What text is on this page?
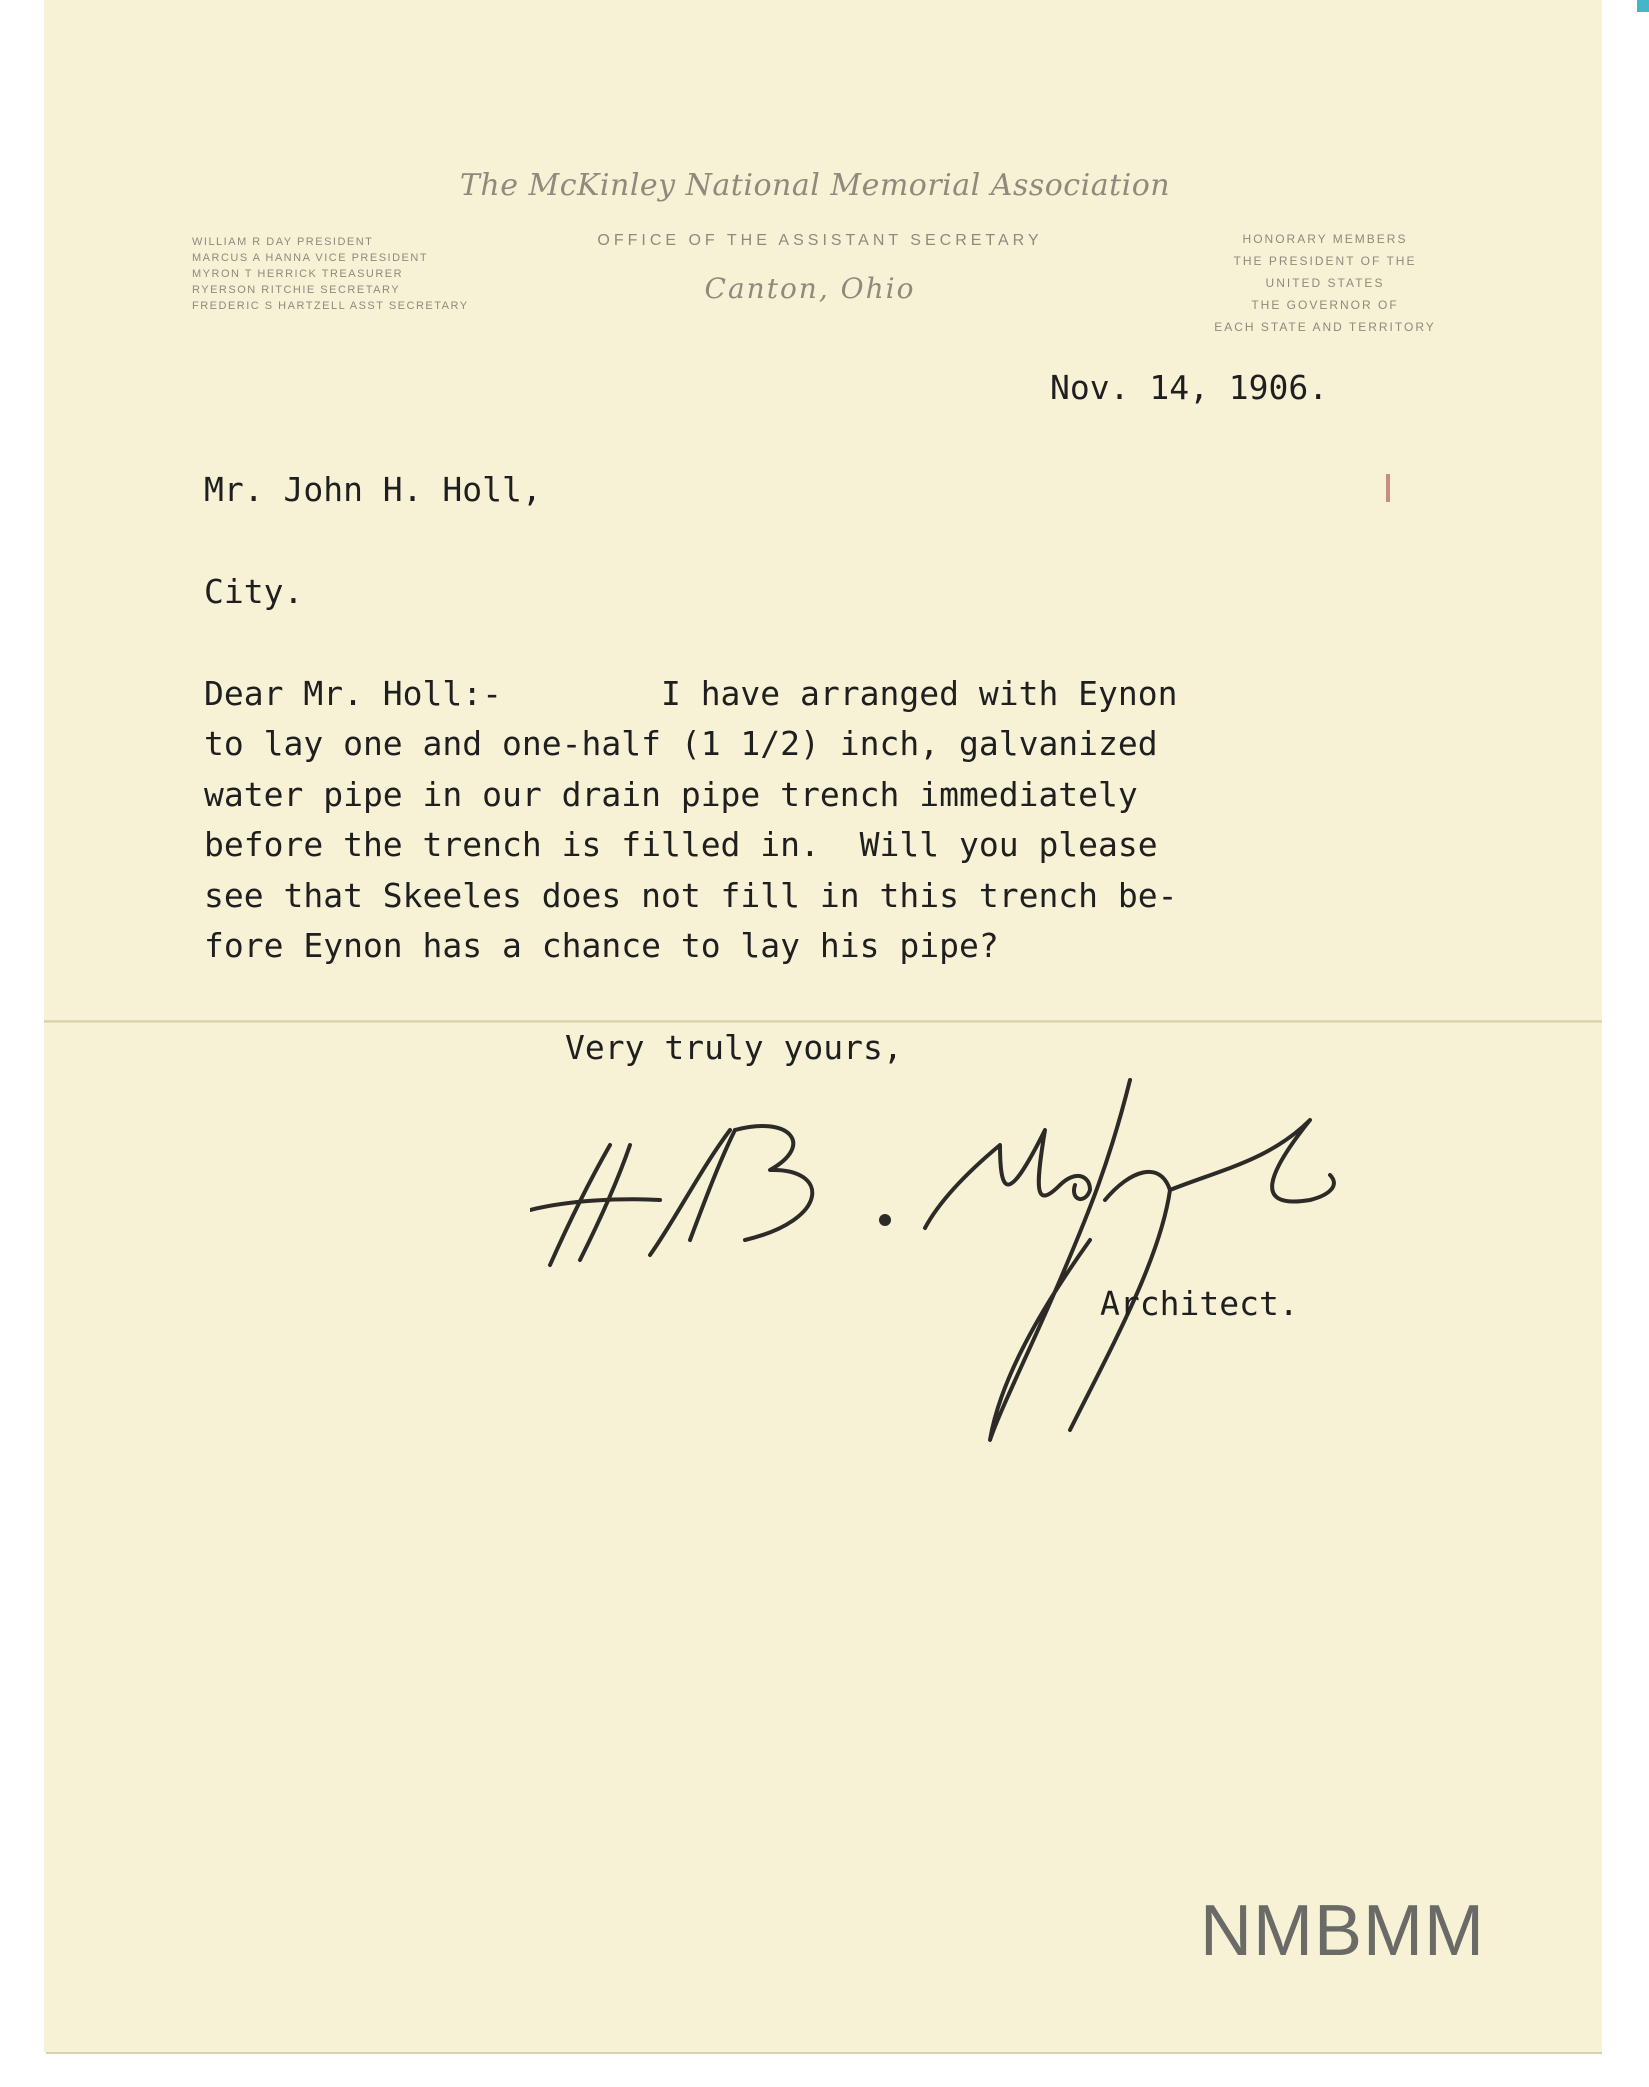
The McKinley National Memorial Association
OFFICE OF THE ASSISTANT SECRETARY
Canton, Ohio
WILLIAM R DAY PRESIDENT
MARCUS A HANNA VICE PRESIDENT
MYRON T HERRICK TREASURER
RYERSON RITCHIE SECRETARY
FREDERIC S HARTZELL ASST SECRETARY
HONORARY MEMBERS
THE PRESIDENT OF THE
UNITED STATES
THE GOVERNOR OF
EACH STATE AND TERRITORY
Nov. 14, 1906.
Mr. John H. Holl,
City.
Dear Mr. Holl:-        I have arranged with Eynon
to lay one and one-half (1 1/2) inch, galvanized
water pipe in our drain pipe trench immediately
before the trench is filled in.  Will you please
see that Skeeles does not fill in this trench be-
fore Eynon has a chance to lay his pipe?
Very truly yours,
Architect.
NMBMM
